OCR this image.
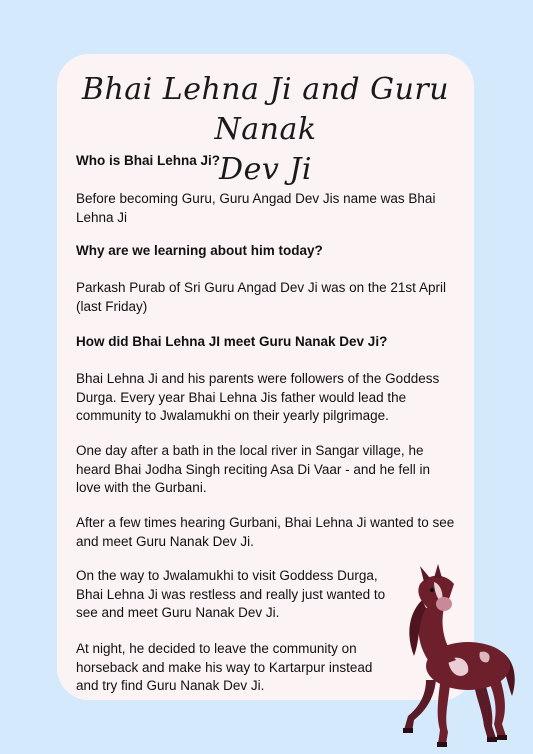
Bhai Lehna Ji and Guru Nanak
Dev Ji
Who is Bhai Lehna Ji?
Before becoming Guru, Guru Angad Dev Jis name was Bhai Lehna Ji
Why are we learning about him today?
Parkash Purab of Sri Guru Angad Dev Ji was on the 21st April (last Friday)
How did Bhai Lehna JI meet Guru Nanak Dev Ji?
Bhai Lehna Ji and his parents were followers of the Goddess Durga. Every year Bhai Lehna Jis father would lead the community to Jwalamukhi on their yearly pilgrimage.
One day after a bath in the local river in Sangar village, he heard Bhai Jodha Singh reciting Asa Di Vaar - and he fell in love with the Gurbani.
After a few times hearing Gurbani, Bhai Lehna Ji wanted to see and meet Guru Nanak Dev Ji.
On the way to Jwalamukhi to visit Goddess Durga, Bhai Lehna Ji was restless and really just wanted to see and meet Guru Nanak Dev Ji.
At night, he decided to leave the community on horseback and make his way to Kartarpur instead and try find Guru Nanak Dev Ji.
